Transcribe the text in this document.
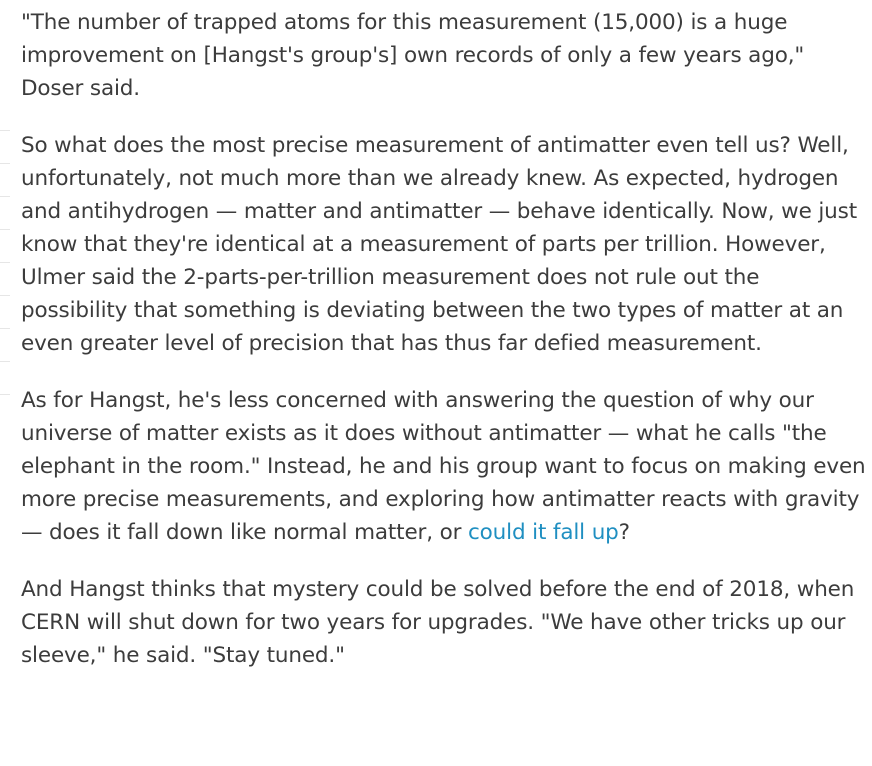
"The number of trapped atoms for this measurement (15,000) is a huge improvement on [Hangst's group's] own records of only a few years ago," Doser said.

So what does the most precise measurement of antimatter even tell us? Well, unfortunately, not much more than we already knew. As expected, hydrogen and antihydrogen — matter and antimatter — behave identically. Now, we just know that they're identical at a measurement of parts per trillion. However, Ulmer said the 2-parts-per-trillion measurement does not rule out the possibility that something is deviating between the two types of matter at an even greater level of precision that has thus far defied measurement.

As for Hangst, he's less concerned with answering the question of why our universe of matter exists as it does without antimatter — what he calls "the elephant in the room." Instead, he and his group want to focus on making even more precise measurements, and exploring how antimatter reacts with gravity — does it fall down like normal matter, or could it fall up?

And Hangst thinks that mystery could be solved before the end of 2018, when CERN will shut down for two years for upgrades. "We have other tricks up our sleeve," he said. "Stay tuned."
